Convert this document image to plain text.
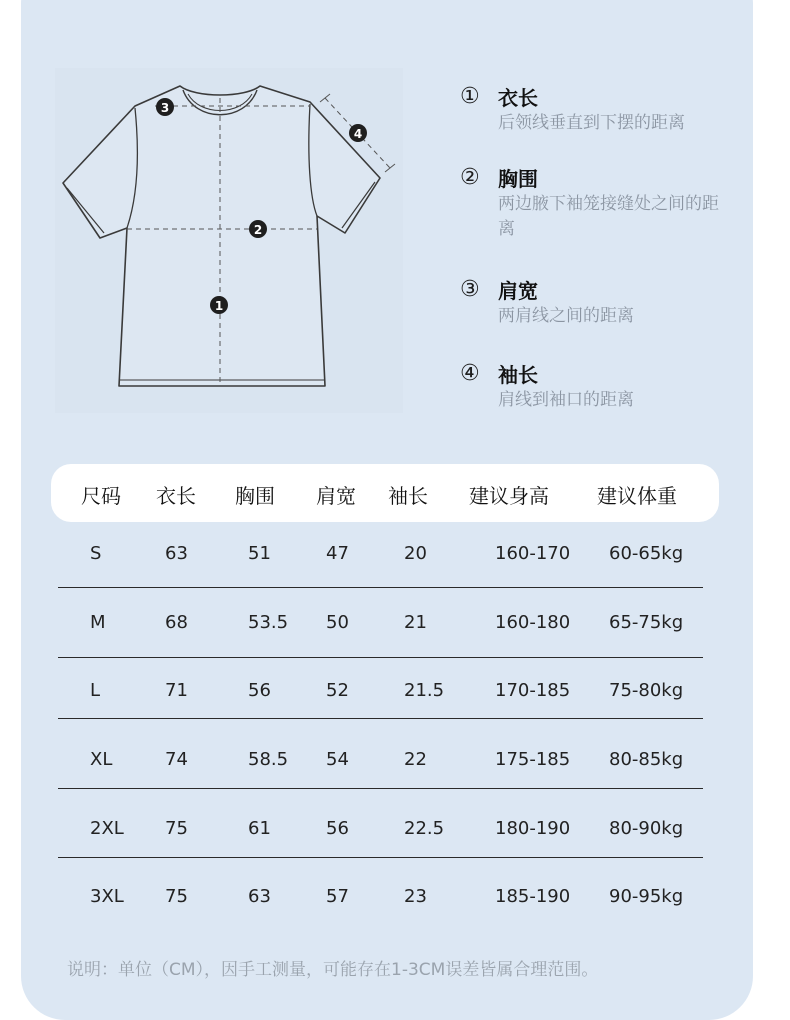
1
2
3
4
① 衣长
后领线垂直到下摆的距离
② 胸围
两边腋下袖笼接缝处之间的距离
③ 肩宽
两肩线之间的距离
④ 袖长
肩线到袖口的距离
尺码 衣长 胸围 肩宽 袖长 建议身高 建议体重
S	63	51	47	20	160-170 60-65kg
M	68	53.5 50	21	160-180 65-75kg
L	71	56	52	21.5	170-185 75-80kg
XL	74	58.5 54	22	175-185 80-85kg
2XL 75	61	56	22.5	180-190 80-90kg
3XL 75	63	57	23	185-190 90-95kg
说明：单位（CM），因手工测量，可能存在1-3CM误差皆属合理范围。
